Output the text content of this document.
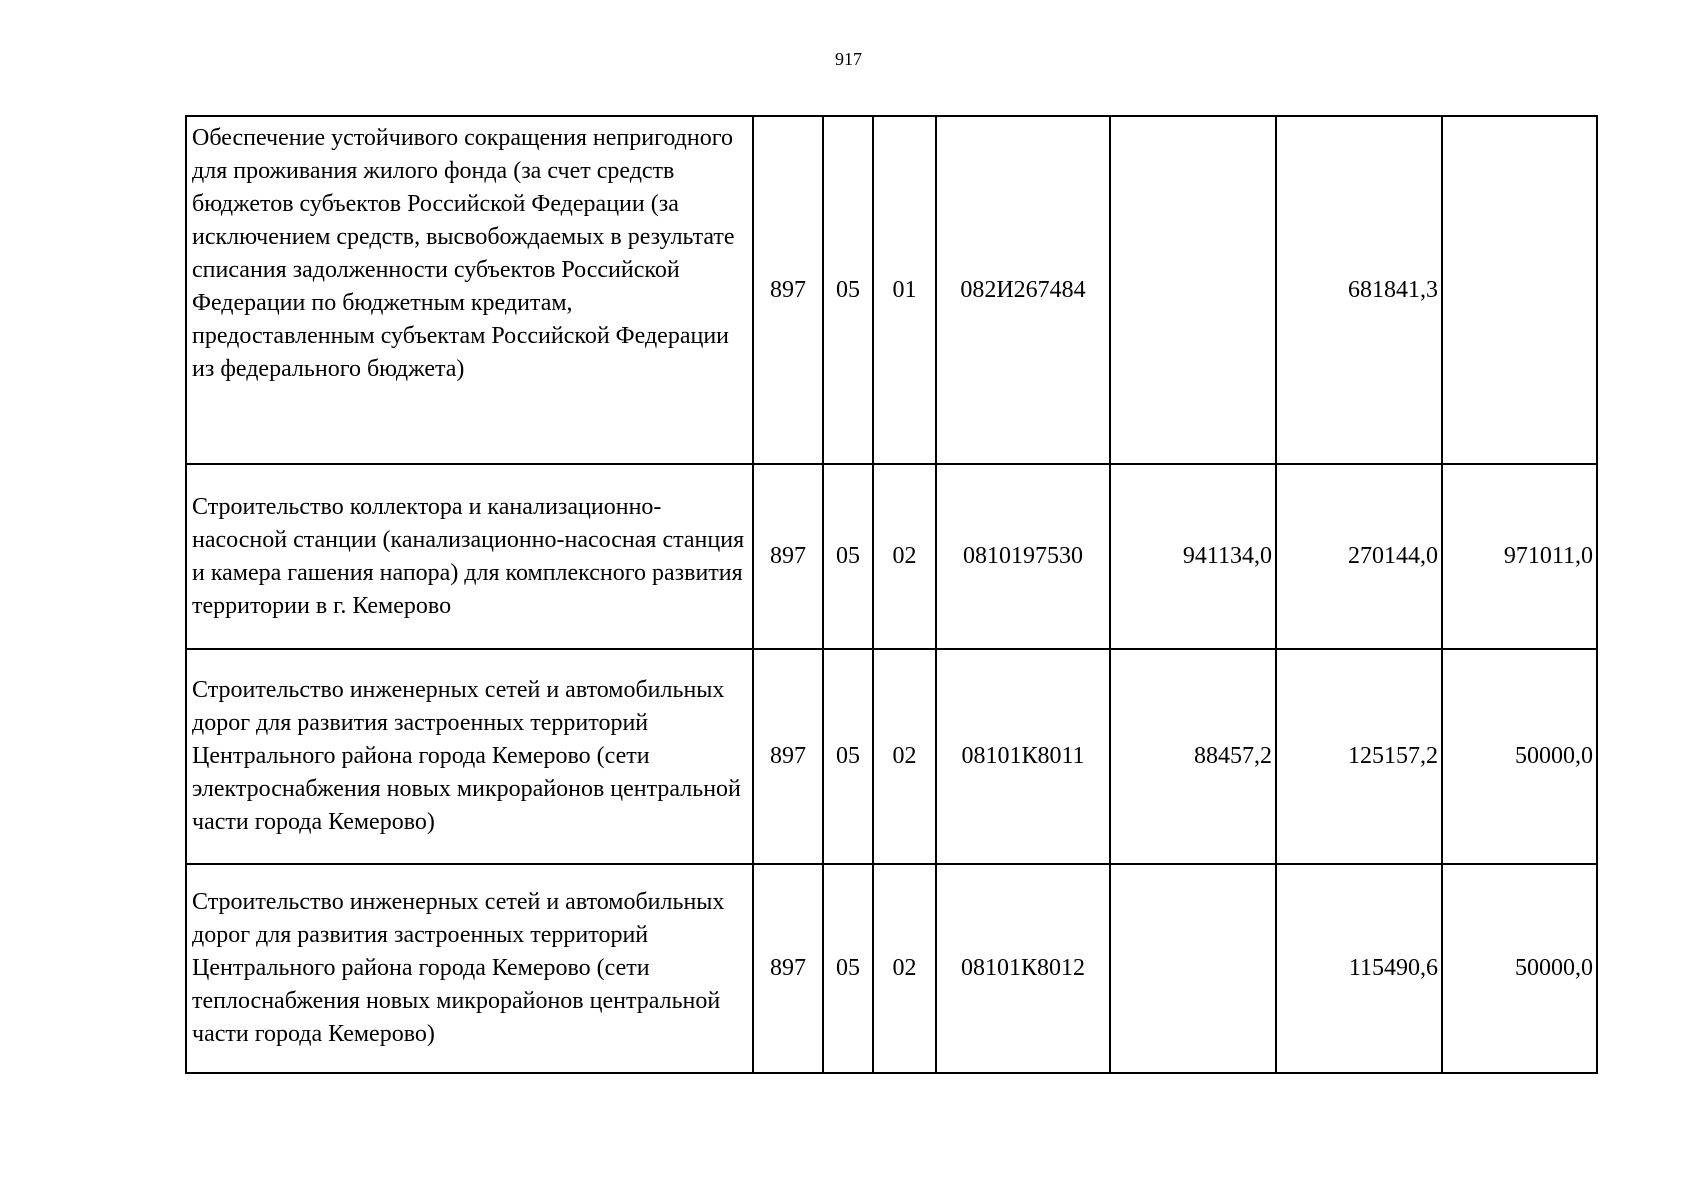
917
Обеспечение устойчивого сокращения непригодного для проживания жилого фонда (за счет средств бюджетов субъектов Российской Федерации (за исключением средств, высвобождаемых в результате списания задолженности субъектов Российской Федерации по бюджетным кредитам, предоставленным субъектам Российской Федерации из федерального бюджета)	897	05	01	082И267484		681841,3	
Строительство коллектора и канализационно-насосной станции (канализационно-насосная станция и камера гашения напора) для комплексного развития территории в г. Кемерово	897	05	02	0810197530	941134,0	270144,0	971011,0
Строительство инженерных сетей и автомобильных дорог для развития застроенных территорий Центрального района города Кемерово (сети электроснабжения новых микрорайонов центральной части города Кемерово)	897	05	02	08101К8011	88457,2	125157,2	50000,0
Строительство инженерных сетей и автомобильных дорог для развития застроенных территорий Центрального района города Кемерово (сети теплоснабжения новых микрорайонов центральной части города Кемерово)	897	05	02	08101К8012		115490,6	50000,0
